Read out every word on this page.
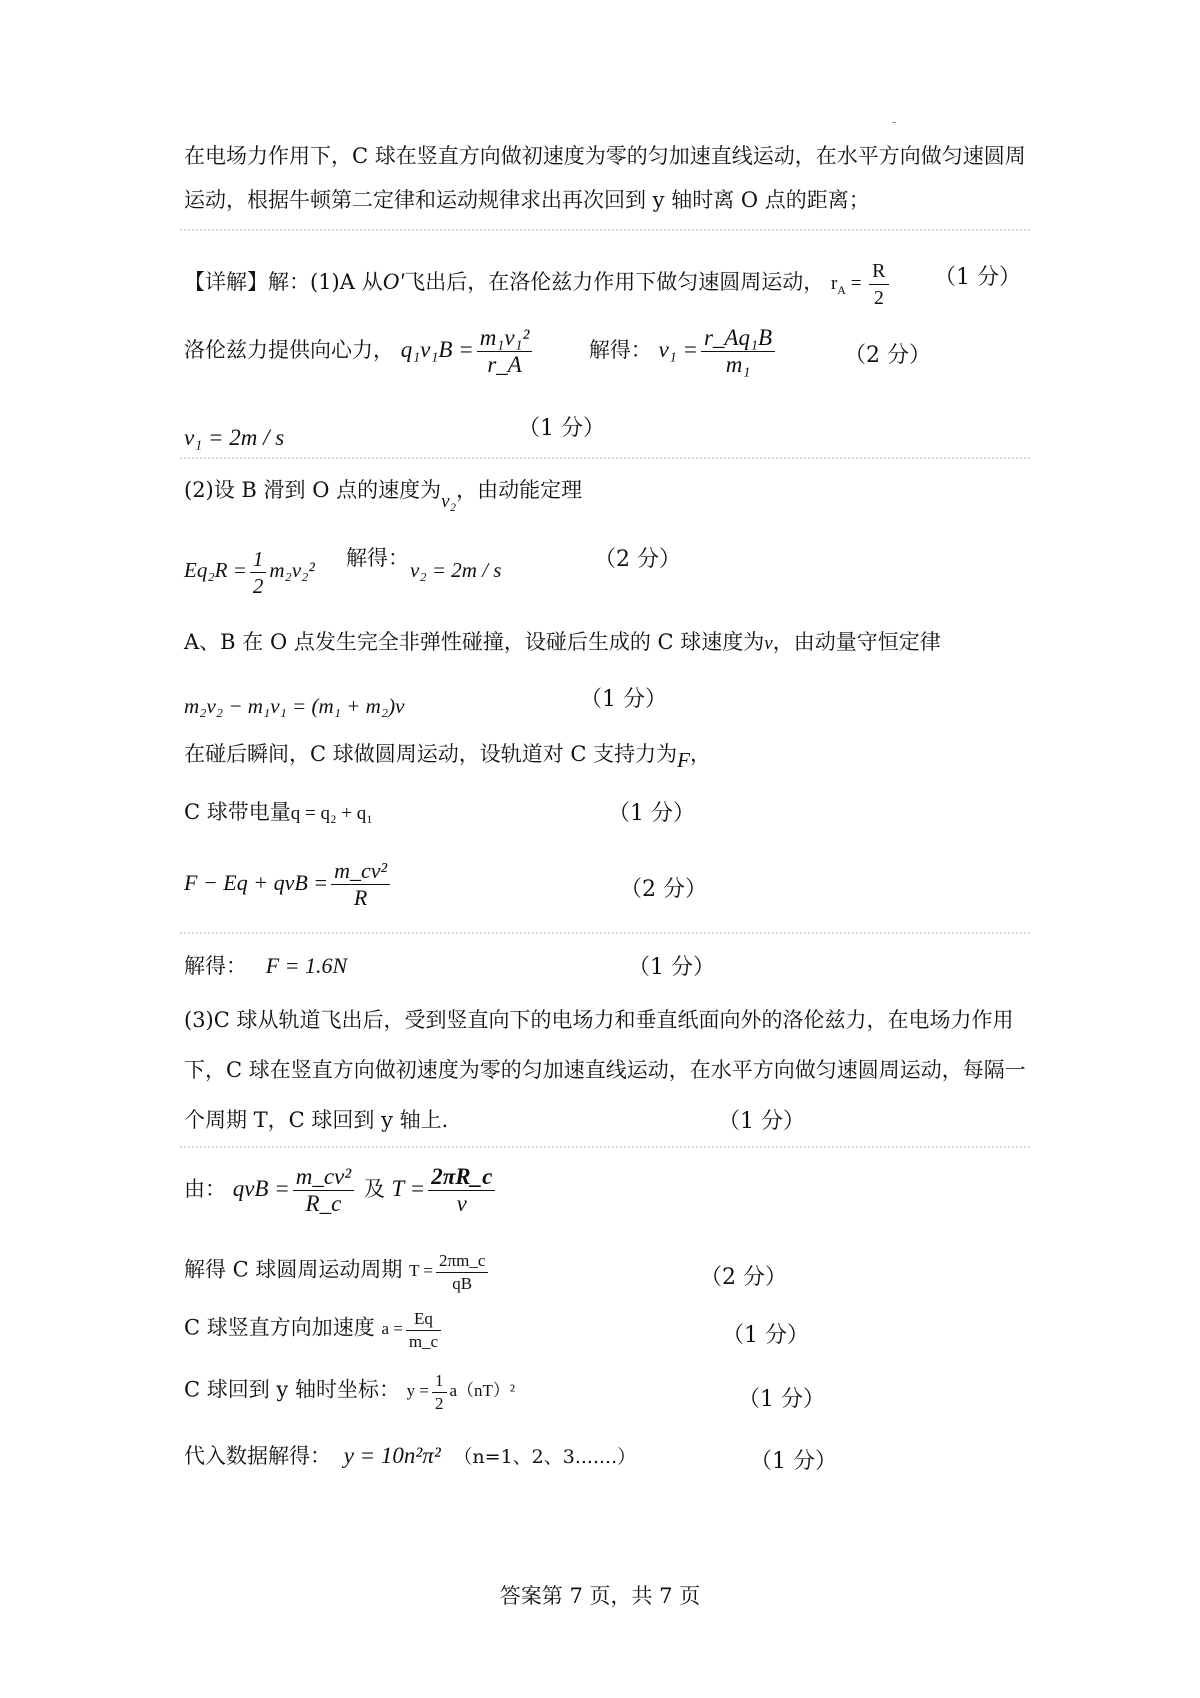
在电场力作用下，C 球在竖直方向做初速度为零的匀加速直线运动，在水平方向做匀速圆周
运动，根据牛顿第二定律和运动规律求出再次回到 y 轴时离 O 点的距离；
【详解】解：(1)A 从O′飞出后，在洛伦兹力作用下做匀速圆周运动， $r_A = \frac{R}{2} (1$ 分）
洛伦兹力提供向心力， $q_1v_1B = \frac{\text{m₁v₁²}}{r\_A}$	解得： $v_1 = \frac{\text{r\_Aq₁B}}{\text{m₁}}$	（2 分）
v₁ = 2m / s	（1 分）
(2)设 B 滑到 O 点的速度为v₂，由动能定理
$Eq_2R = \frac{1}{2} m_2v_2^2$
解得： v₂ = 2m / s	（2 分）
A、B 在 O 点发生完全非弹性碰撞，设碰后生成的 C 球速度为v，由动量守恒定律
m₂v₂ − m₁v₁ = (m₁ + m₂)v	（1 分）
在碰后瞬间，C 球做圆周运动，设轨道对 C 支持力为F，
C 球带电量q = q₂ + q₁	（1 分）
F − Eq + qvB = $\frac{\text{m\_cv²}}{R}$	（2 分）
解得： F = 1.6N	（1 分）
(3)C 球从轨道飞出后，受到竖直向下的电场力和垂直纸面向外的洛伦兹力，在电场力作用
下，C 球在竖直方向做初速度为零的匀加速直线运动，在水平方向做匀速圆周运动，每隔一
个周期 T，C 球回到 y 轴上．	（1 分）
由： qvB = $\frac{\text{m\_cv²}}{R\_c}$ 及 $T = \frac{2\pi R\_c}{v}$
解得 C 球圆周运动周期 $T = \frac{2\pi m\_c}{qB}$	（2 分）
C 球竖直方向加速度 $a = \frac{Eq}{m\_c}$	（1 分）
C 球回到 y 轴时坐标： $y = \frac{1}{2} a(nT)^2$	（1 分）
代入数据解得： y = 10n²π² （n=1、2、3.......）	（1 分）
答案第 7 页，共 7 页
